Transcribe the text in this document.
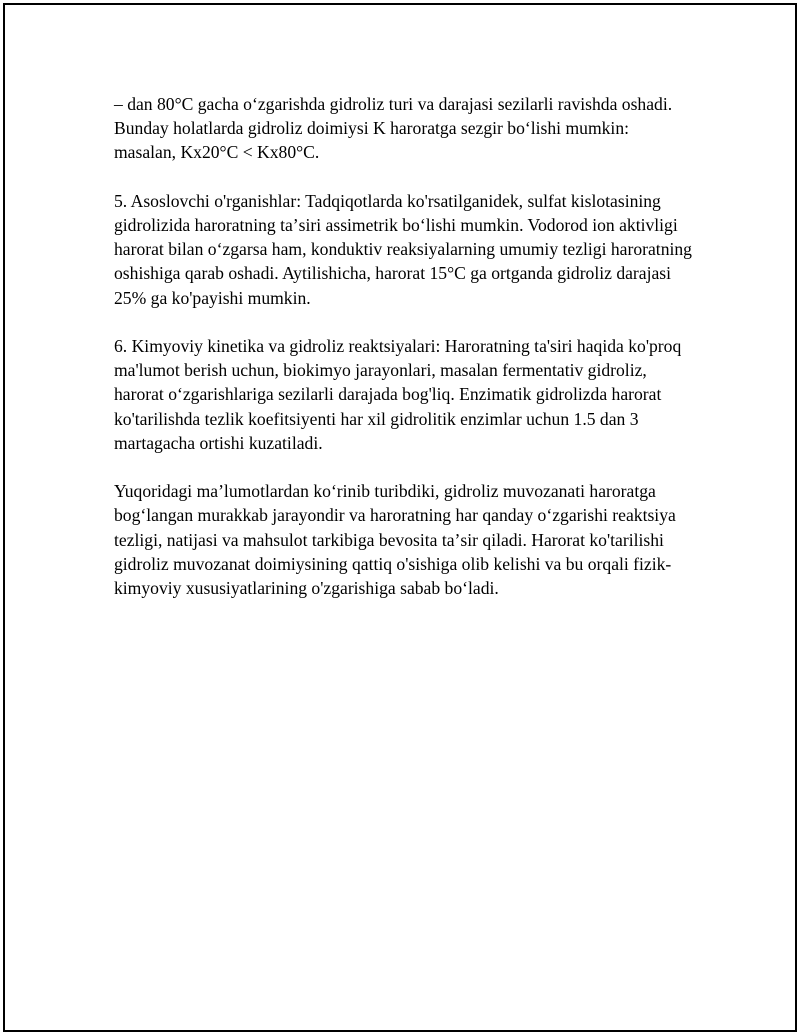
– dan 80°C gacha oʻzgarishda gidroliz turi va darajasi sezilarli ravishda oshadi. Bunday holatlarda gidroliz doimiysi K haroratga sezgir boʻlishi mumkin: masalan, Kx20°C < Kx80°C.

5. Asoslovchi o'rganishlar: Tadqiqotlarda ko'rsatilganidek, sulfat kislotasining gidrolizida haroratning taʼsiri assimetrik boʻlishi mumkin. Vodorod ion aktivligi harorat bilan oʻzgarsa ham, konduktiv reaksiyalarning umumiy tezligi haroratning oshishiga qarab oshadi. Aytilishicha, harorat 15°C ga ortganda gidroliz darajasi 25% ga ko'payishi mumkin.

6. Kimyoviy kinetika va gidroliz reaktsiyalari: Haroratning ta'siri haqida ko'proq ma'lumot berish uchun, biokimyo jarayonlari, masalan fermentativ gidroliz, harorat oʻzgarishlariga sezilarli darajada bog'liq. Enzimatik gidrolizda harorat ko'tarilishda tezlik koefitsiyenti har xil gidrolitik enzimlar uchun 1.5 dan 3 martagacha ortishi kuzatiladi.

Yuqoridagi maʼlumotlardan koʻrinib turibdiki, gidroliz muvozanati haroratga bogʻlangan murakkab jarayondir va haroratning har qanday oʻzgarishi reaktsiya tezligi, natijasi va mahsulot tarkibiga bevosita taʼsir qiladi. Harorat ko'tarilishi gidroliz muvozanat doimiysining qattiq o'sishiga olib kelishi va bu orqali fizik-kimyoviy xususiyatlarining o'zgarishiga sabab boʻladi.
